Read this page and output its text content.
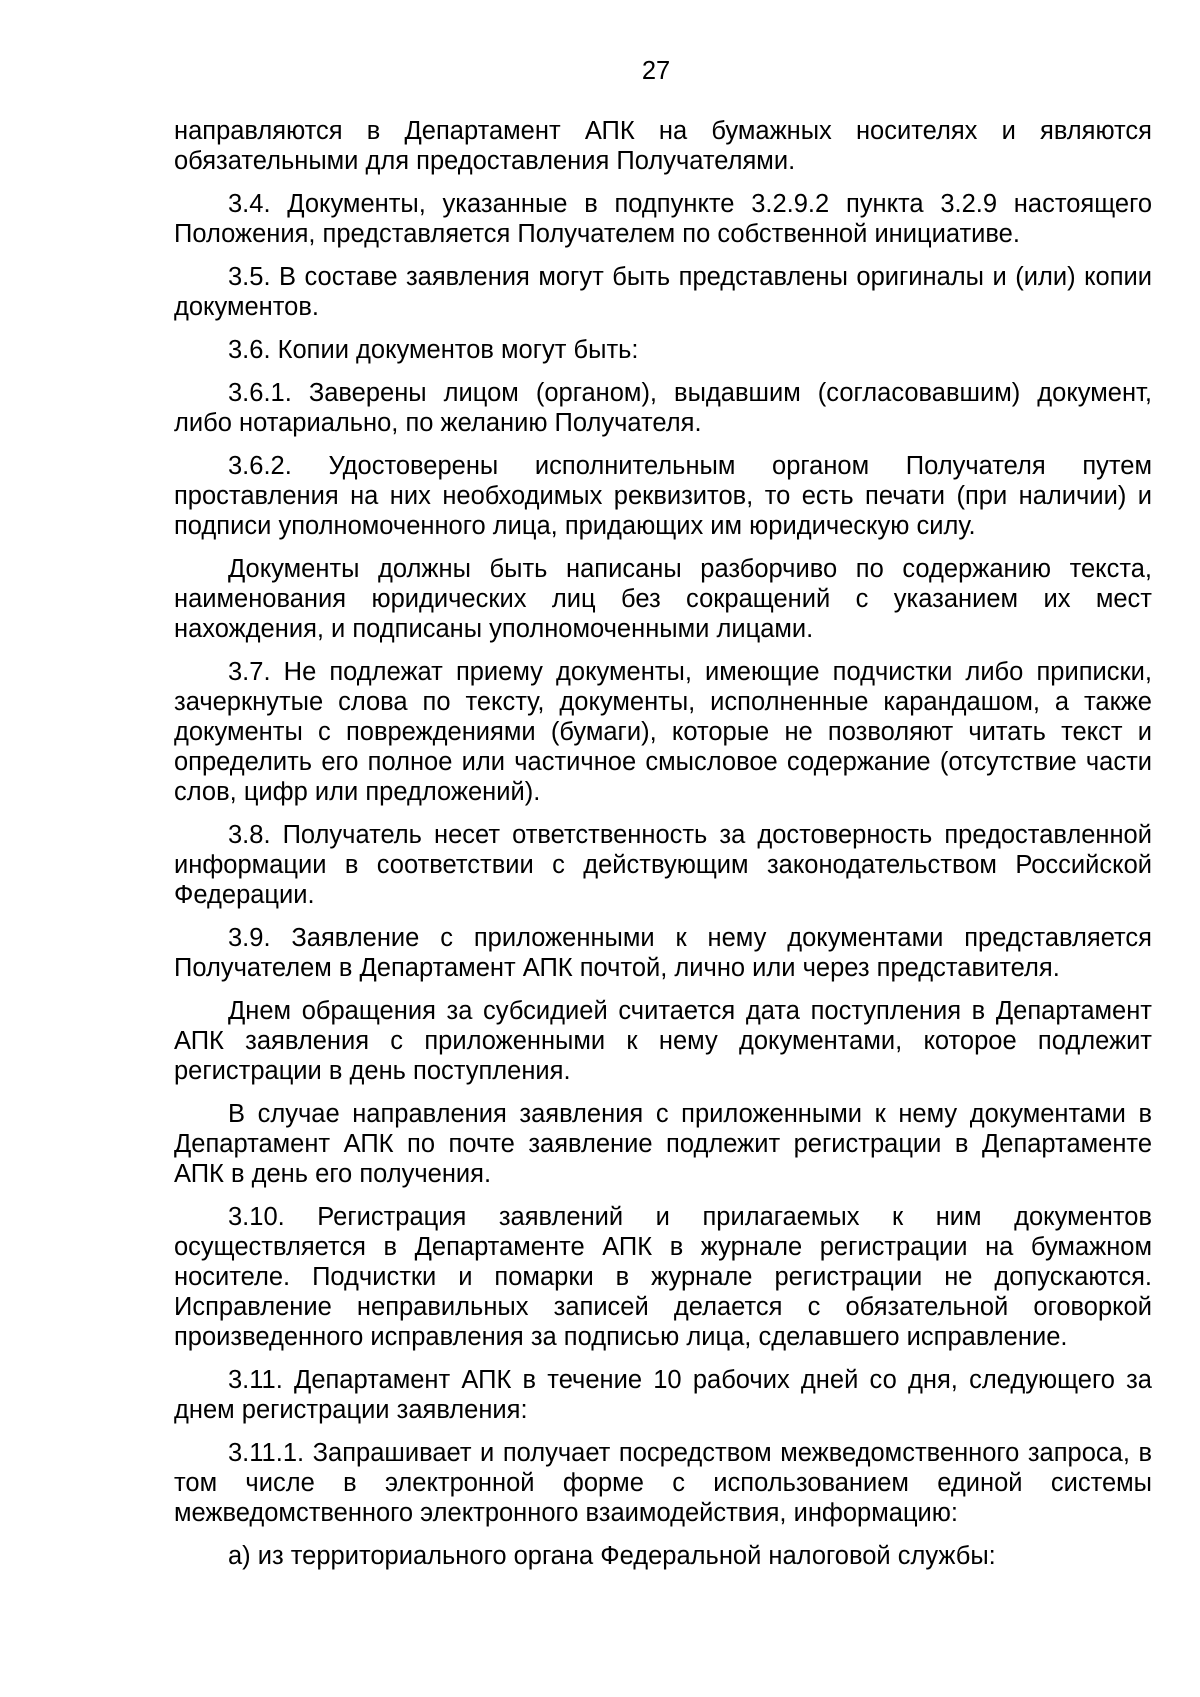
27

направляются в Департамент АПК на бумажных носителях и являются обязательными для предоставления Получателями.

3.4. Документы, указанные в подпункте 3.2.9.2 пункта 3.2.9 настоящего Положения, представляется Получателем по собственной инициативе.

3.5. В составе заявления могут быть представлены оригиналы и (или) копии документов.

3.6. Копии документов могут быть:

3.6.1. Заверены лицом (органом), выдавшим (согласовавшим) документ, либо нотариально, по желанию Получателя.

3.6.2. Удостоверены исполнительным органом Получателя путем проставления на них необходимых реквизитов, то есть печати (при наличии) и подписи уполномоченного лица, придающих им юридическую силу.

Документы должны быть написаны разборчиво по содержанию текста, наименования юридических лиц без сокращений с указанием их мест нахождения, и подписаны уполномоченными лицами.

3.7. Не подлежат приему документы, имеющие подчистки либо приписки, зачеркнутые слова по тексту, документы, исполненные карандашом, а также документы с повреждениями (бумаги), которые не позволяют читать текст и определить его полное или частичное смысловое содержание (отсутствие части слов, цифр или предложений).

3.8. Получатель несет ответственность за достоверность предоставленной информации в соответствии с действующим законодательством Российской Федерации.

3.9. Заявление с приложенными к нему документами представляется Получателем в Департамент АПК почтой, лично или через представителя.

Днем обращения за субсидией считается дата поступления в Департамент АПК заявления с приложенными к нему документами, которое подлежит регистрации в день поступления.

В случае направления заявления с приложенными к нему документами в Департамент АПК по почте заявление подлежит регистрации в Департаменте АПК в день его получения.

3.10. Регистрация заявлений и прилагаемых к ним документов осуществляется в Департаменте АПК в журнале регистрации на бумажном носителе. Подчистки и помарки в журнале регистрации не допускаются. Исправление неправильных записей делается с обязательной оговоркой произведенного исправления за подписью лица, сделавшего исправление.

3.11. Департамент АПК в течение 10 рабочих дней со дня, следующего за днем регистрации заявления:

3.11.1. Запрашивает и получает посредством межведомственного запроса, в том числе в электронной форме с использованием единой системы межведомственного электронного взаимодействия, информацию:

а) из территориального органа Федеральной налоговой службы:
